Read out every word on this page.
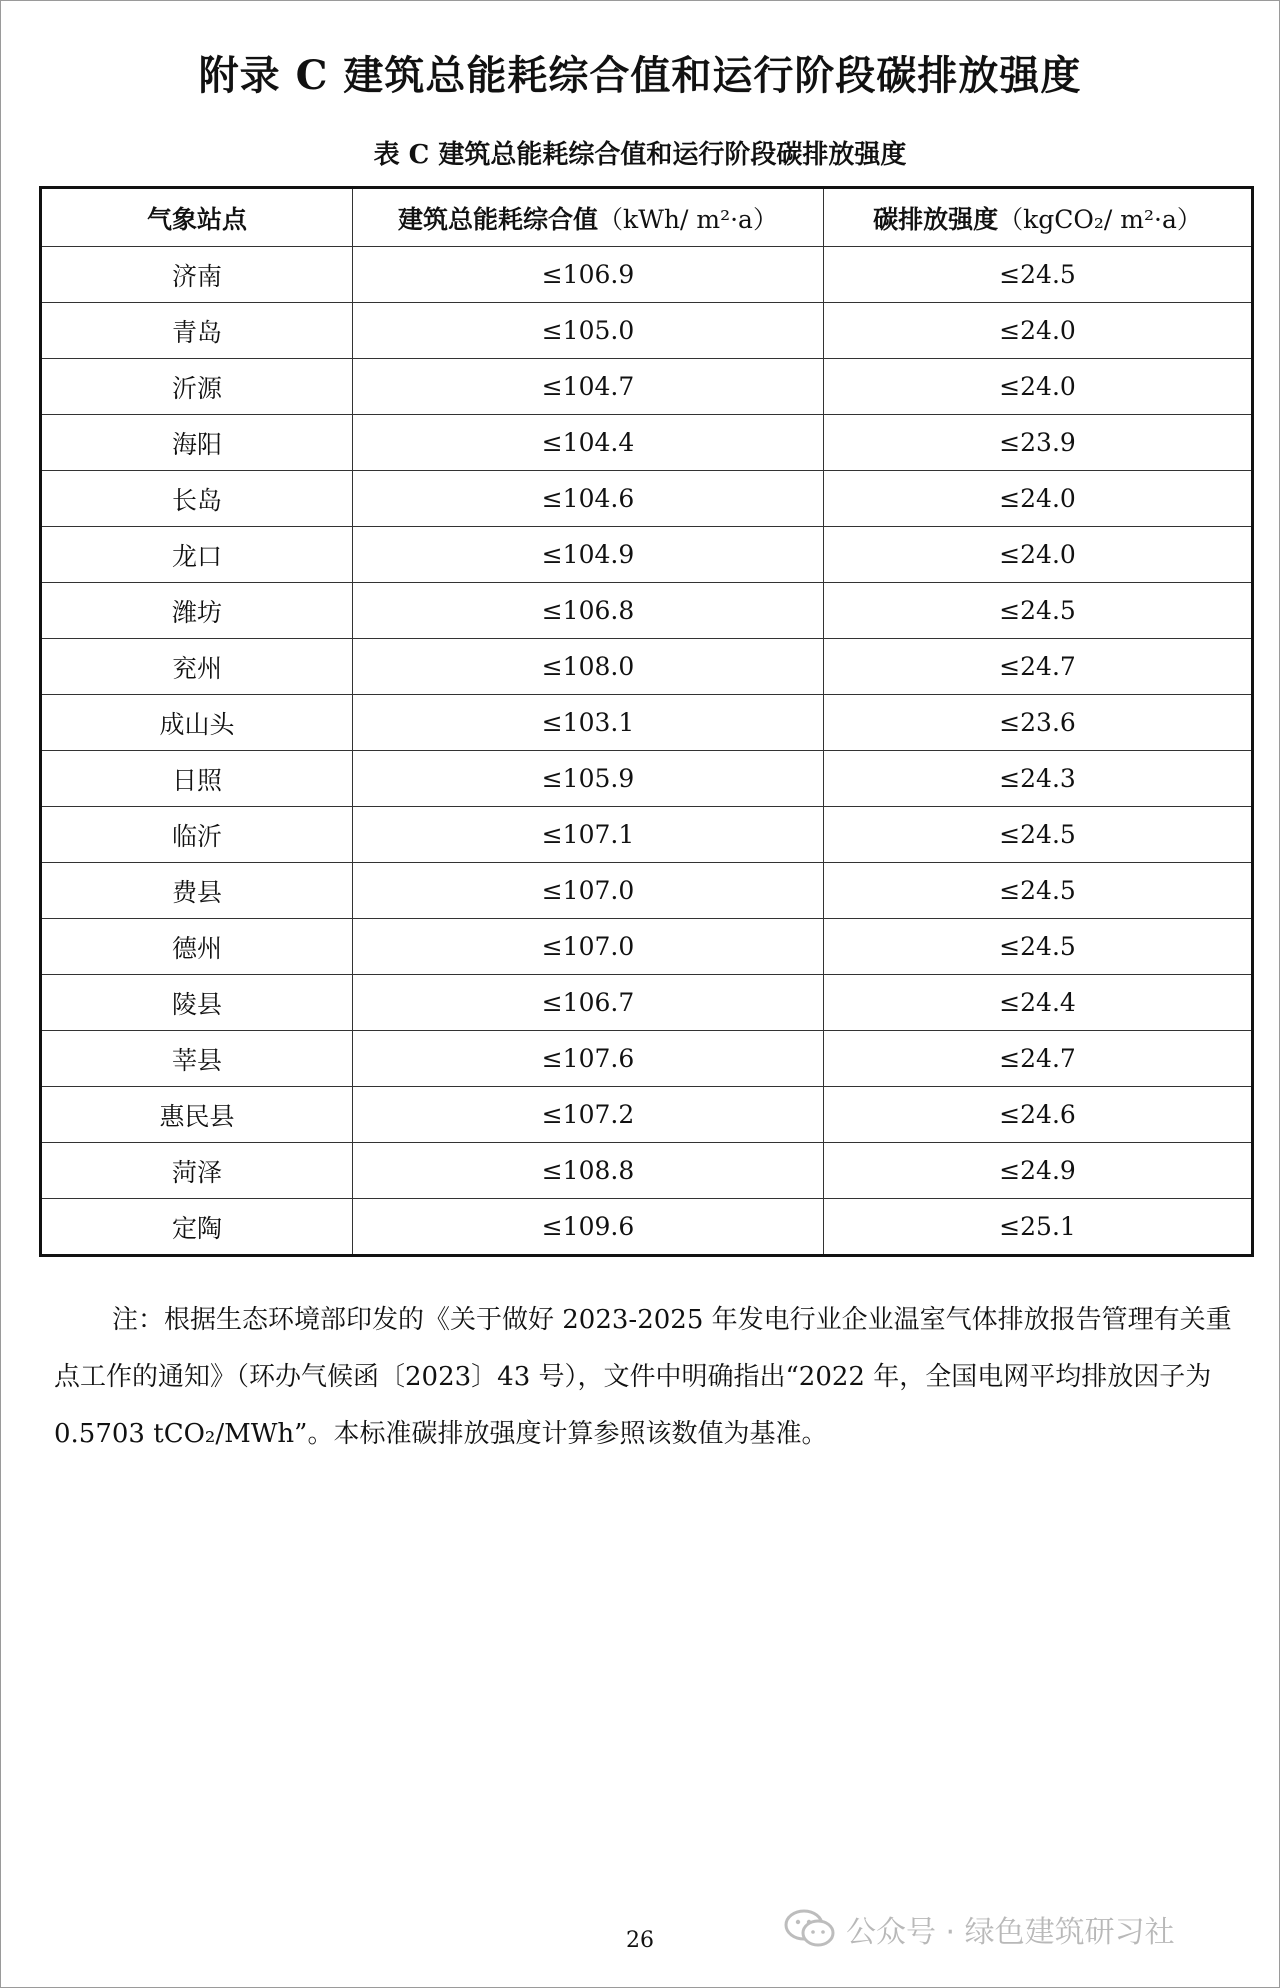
附录 C 建筑总能耗综合值和运行阶段碳排放强度
表 C 建筑总能耗综合值和运行阶段碳排放强度
气象站点	建筑总能耗综合值（kWh/ m²·a）	碳排放强度（kgCO₂/ m²·a）
济南	≤106.9	≤24.5
青岛	≤105.0	≤24.0
沂源	≤104.7	≤24.0
海阳	≤104.4	≤23.9
长岛	≤104.6	≤24.0
龙口	≤104.9	≤24.0
潍坊	≤106.8	≤24.5
兖州	≤108.0	≤24.7
成山头	≤103.1	≤23.6
日照	≤105.9	≤24.3
临沂	≤107.1	≤24.5
费县	≤107.0	≤24.5
德州	≤107.0	≤24.5
陵县	≤106.7	≤24.4
莘县	≤107.6	≤24.7
惠民县	≤107.2	≤24.6
菏泽	≤108.8	≤24.9
定陶	≤109.6	≤25.1
注：根据生态环境部印发的《关于做好 2023-2025 年发电行业企业温室气体排放报告管理有关重点工作的通知》（环办气候函〔2023〕43 号），文件中明确指出“2022 年，全国电网平均排放因子为 0.5703 tCO₂/MWh”。本标准碳排放强度计算参照该数值为基准。
26	公众号 · 绿色建筑研习社
